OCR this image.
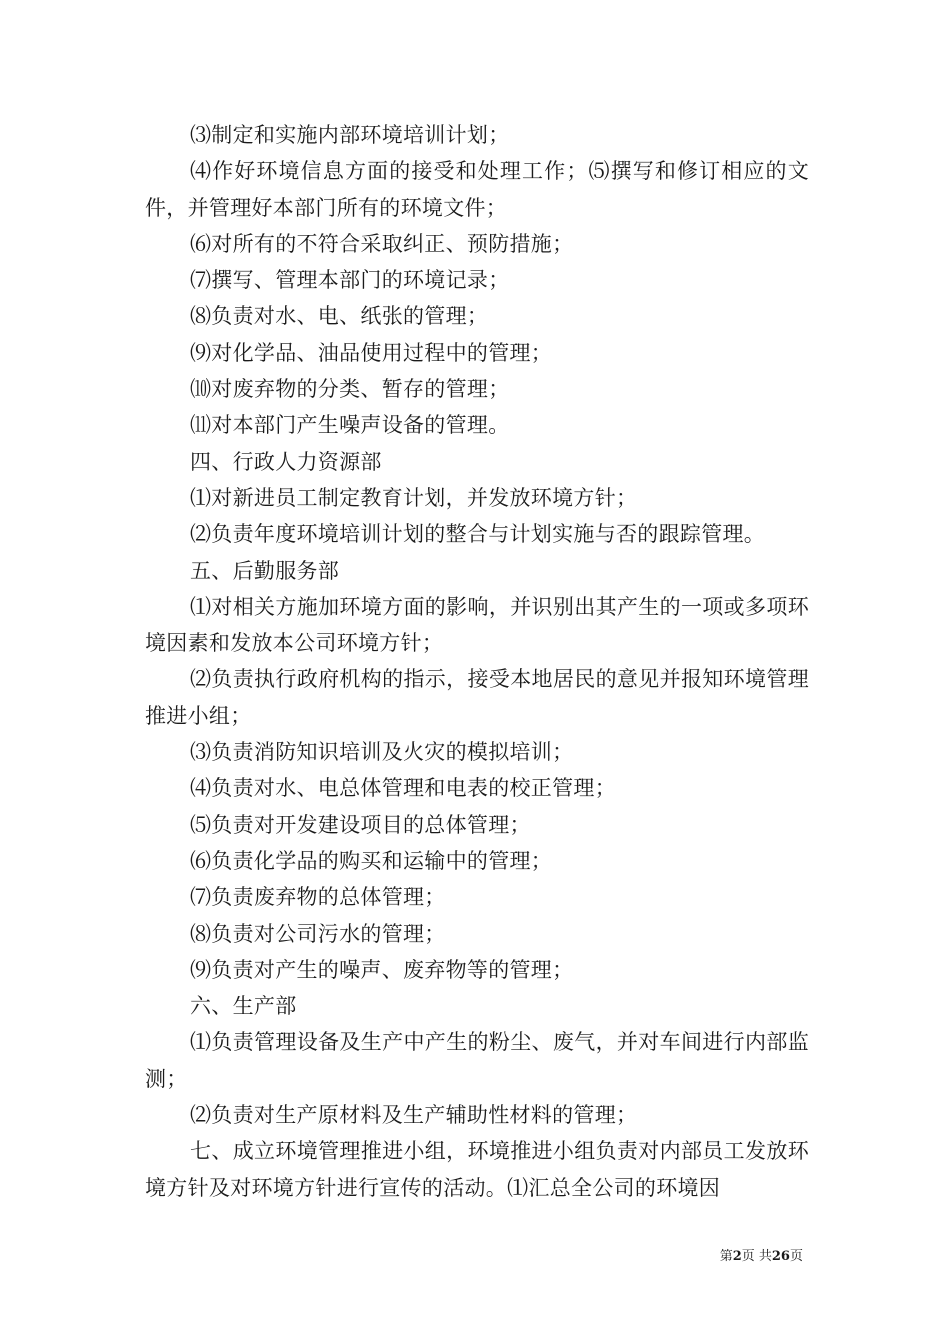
⑶制定和实施内部环境培训计划；

⑷作好环境信息方面的接受和处理工作；⑸撰写和修订相应的文件，并管理好本部门所有的环境文件；

⑹对所有的不符合采取纠正、预防措施；

⑺撰写、管理本部门的环境记录；

⑻负责对水、电、纸张的管理；

⑼对化学品、油品使用过程中的管理；

⑽对废弃物的分类、暂存的管理；

⑾对本部门产生噪声设备的管理。

四、行政人力资源部

⑴对新进员工制定教育计划，并发放环境方针；

⑵负责年度环境培训计划的整合与计划实施与否的跟踪管理。

五、后勤服务部

⑴对相关方施加环境方面的影响，并识别出其产生的一项或多项环境因素和发放本公司环境方针；

⑵负责执行政府机构的指示，接受本地居民的意见并报知环境管理推进小组；

⑶负责消防知识培训及火灾的模拟培训；

⑷负责对水、电总体管理和电表的校正管理；

⑸负责对开发建设项目的总体管理；

⑹负责化学品的购买和运输中的管理；

⑺负责废弃物的总体管理；

⑻负责对公司污水的管理；

⑼负责对产生的噪声、废弃物等的管理；

六、生产部

⑴负责管理设备及生产中产生的粉尘、废气，并对车间进行内部监测；

⑵负责对生产原材料及生产辅助性材料的管理；

七、成立环境管理推进小组，环境推进小组负责对内部员工发放环境方针及对环境方针进行宣传的活动。⑴汇总全公司的环境因

第2页 共26页
